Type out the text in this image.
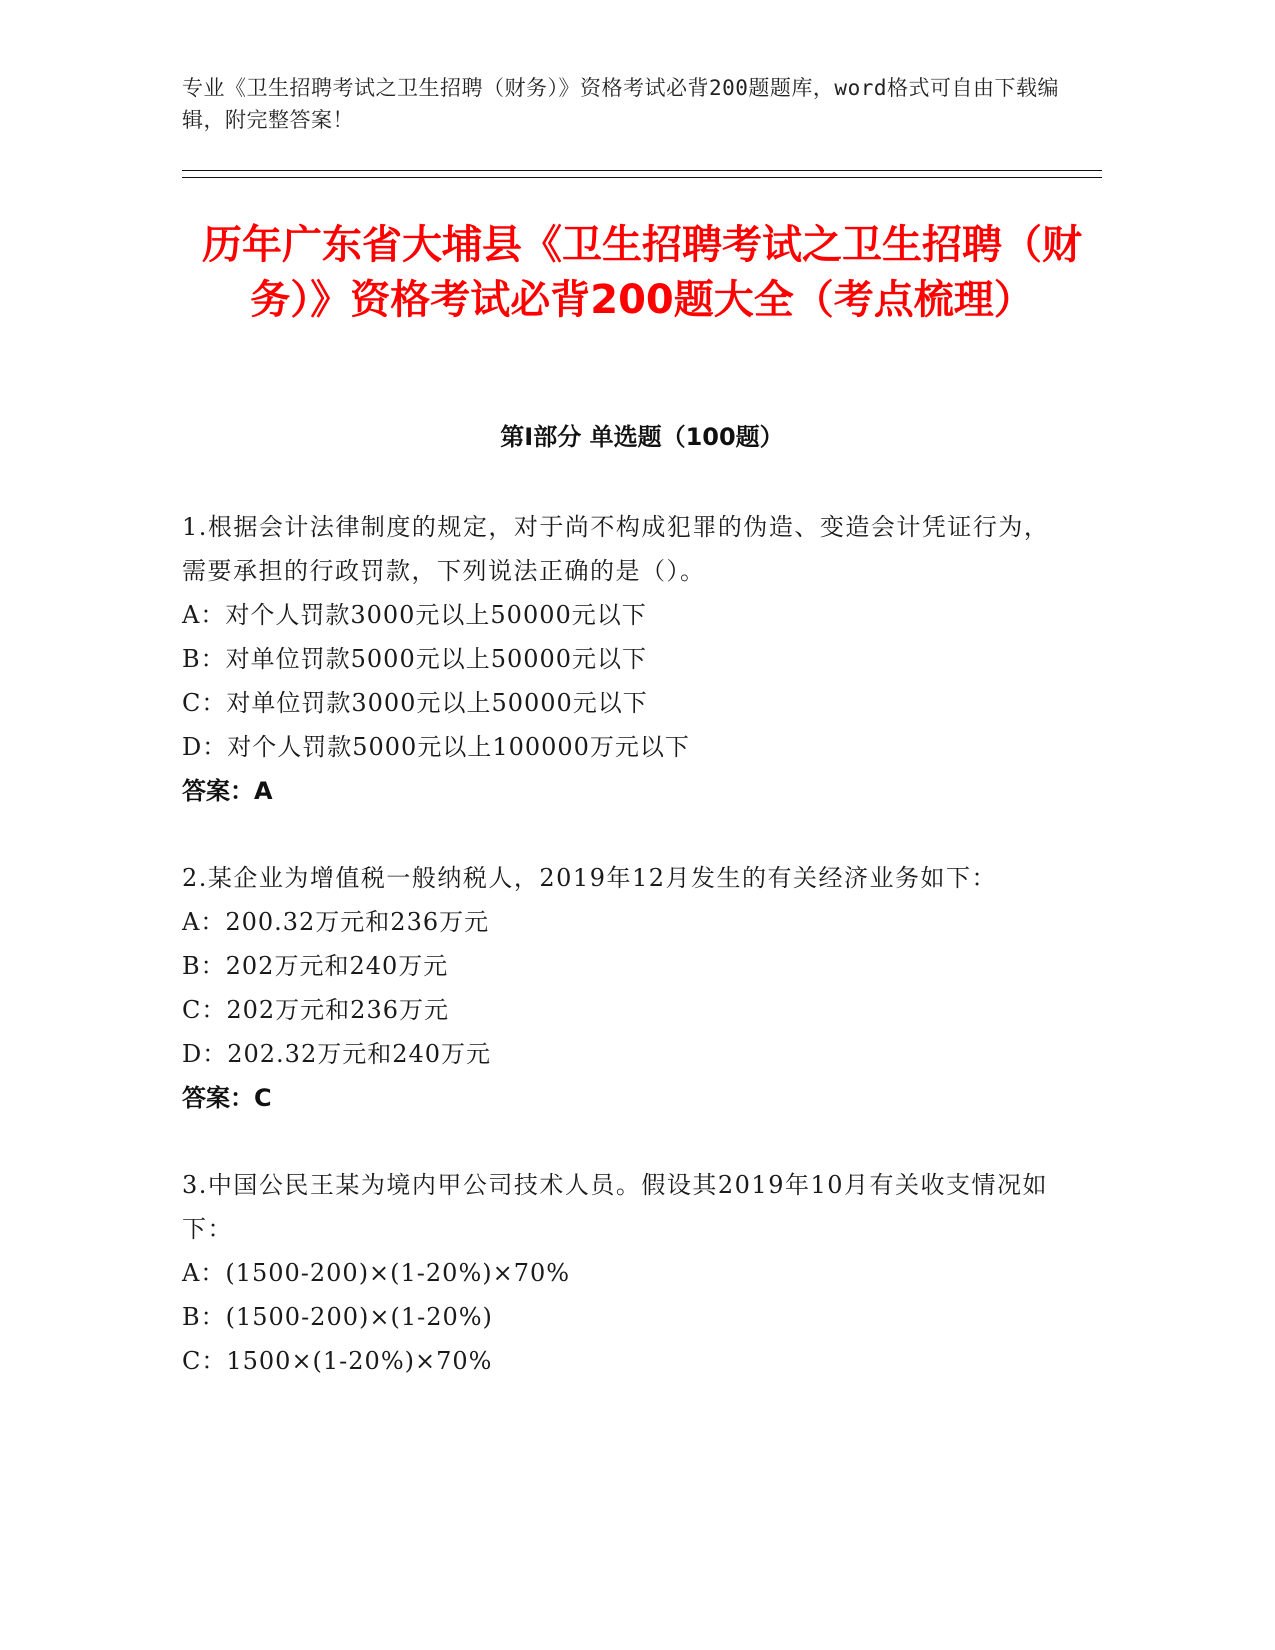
专业《卫生招聘考试之卫生招聘（财务）》资格考试必背200题题库，word格式可自由下载编辑，附完整答案！
历年广东省大埔县《卫生招聘考试之卫生招聘（财务）》资格考试必背200题大全（考点梳理）
第I部分 单选题（100题）
1.根据会计法律制度的规定，对于尚不构成犯罪的伪造、变造会计凭证行为，需要承担的行政罚款，下列说法正确的是（）。
A：对个人罚款3000元以上50000元以下
B：对单位罚款5000元以上50000元以下
C：对单位罚款3000元以上50000元以下
D：对个人罚款5000元以上100000万元以下
答案：A
2.某企业为增值税一般纳税人，2019年12月发生的有关经济业务如下：
A：200.32万元和236万元
B：202万元和240万元
C：202万元和236万元
D：202.32万元和240万元
答案：C
3.中国公民王某为境内甲公司技术人员。假设其2019年10月有关收支情况如下：
A：(1500-200)×(1-20%)×70%
B：(1500-200)×(1-20%)
C：1500×(1-20%)×70%
